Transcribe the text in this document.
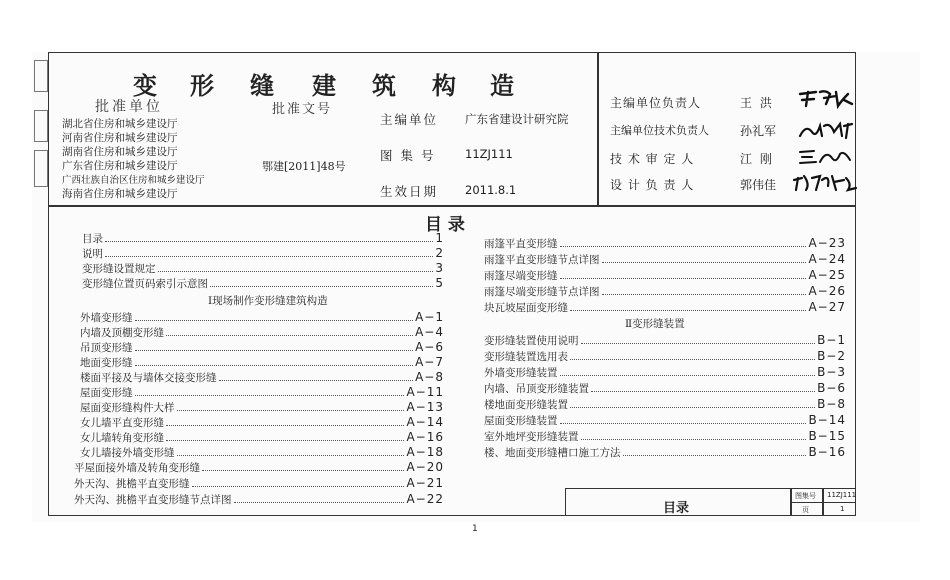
变 形 缝 建 筑 构 造
批准单位
湖北省住房和城乡建设厅
河南省住房和城乡建设厅
湖南省住房和城乡建设厅
广东省住房和城乡建设厅
广西壮族自治区住房和城乡建设厅
海南省住房和城乡建设厅
批准文号
鄂建[2011]48号
主编单位 广东省建设计研究院
图 集 号	11ZJ111
生效日期 2011.8.1
主编单位负责人	王 洪
主编单位技术负责人	孙礼军
技 术 审 定 人	江 刚
设 计 负 责 人	郭伟佳
目 录
目录	1
说明	2
变形缝设置规定	3
变形缝位置页码索引示意图	5
Ⅰ现场制作变形缝建筑构造
外墙变形缝	A−1
内墙及顶棚变形缝	A−4
吊顶变形缝	A−6
地面变形缝	A−7
楼面平接及与墙体交接变形缝	A−8
屋面变形缝	A−11
屋面变形缝构件大样	A−13
女儿墙平直变形缝	A−14
女儿墙转角变形缝	A−16
女儿墙接外墙变形缝	A−18
平屋面接外墙及转角变形缝	A−20
外天沟、挑檐平直变形缝	A−21
外天沟、挑檐平直变形缝节点详图	A−22
雨篷平直变形缝	A−23
雨篷平直变形缝节点详图	A−24
雨篷尽端变形缝	A−25
雨篷尽端变形缝节点详图	A−26
块瓦坡屋面变形缝	A−27
Ⅱ变形缝装置
变形缝装置使用说明	B−1
变形缝装置选用表	B−2
外墙变形缝装置	B−3
内墙、吊顶变形缝装置	B−6
楼地面变形缝装置	B−8
屋面变形缝装置	B−14
室外地坪变形缝装置	B−15
楼、地面变形缝槽口施工方法	B−16
目录
图集号 11ZJ111
页	1
1
